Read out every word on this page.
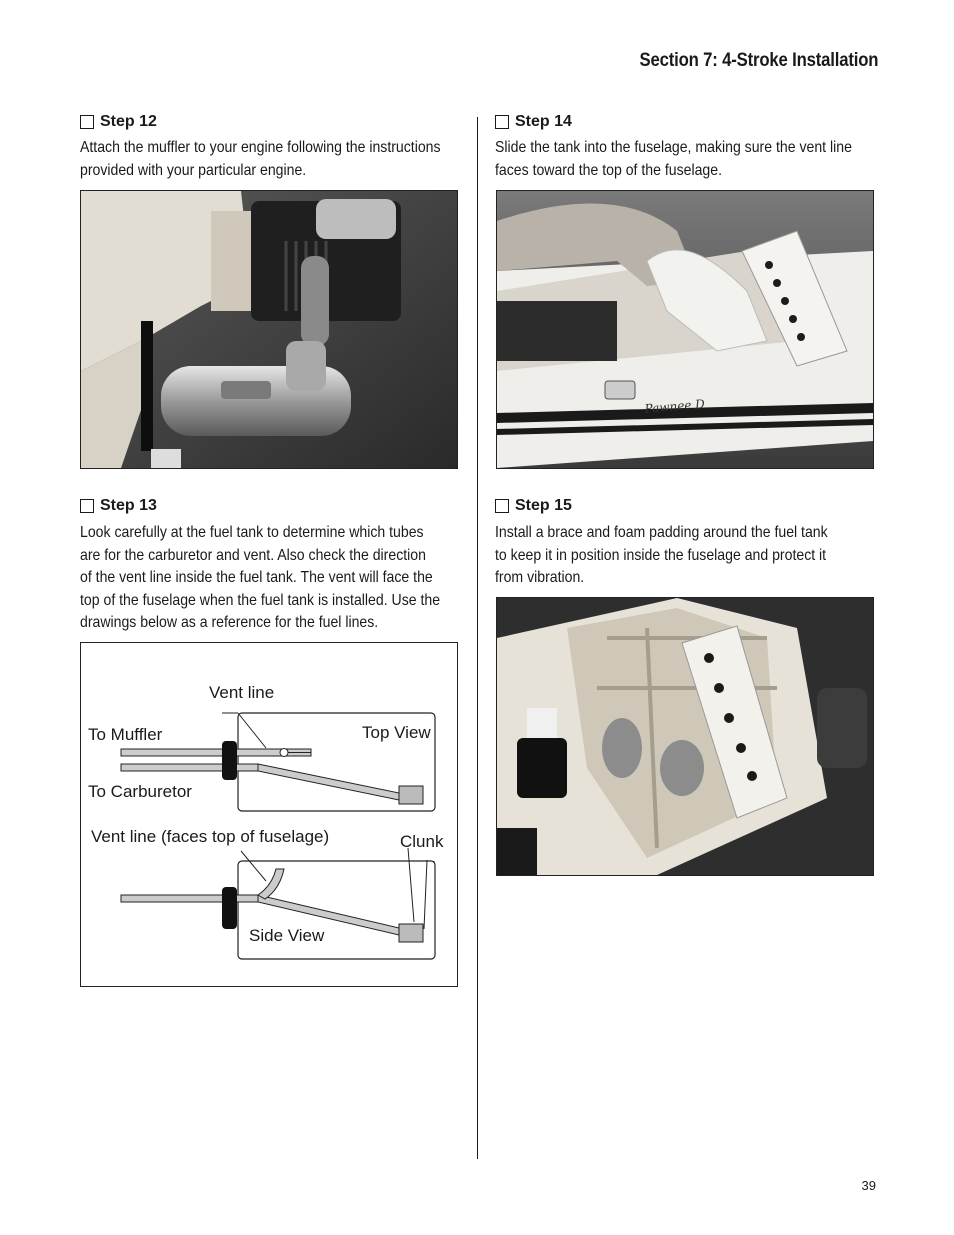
Section 7: 4-Stroke Installation
Step 12
Attach the muffler to your engine following the instructions
provided with your particular engine.
Step 13
Look carefully at the fuel tank to determine which tubes
are for the carburetor and vent. Also check the direction
of the vent line inside the fuel tank. The vent will face the
top of the fuselage when the fuel tank is installed. Use the
drawings below as a reference for the fuel lines.
Vent line
To Muffler	Top View
To Carburetor
Vent line (faces top of fuselage)	Clunk
Side View
Step 14
Slide the tank into the fuselage, making sure the vent line
faces toward the top of the fuselage.
Pawnee D
Step 15
Install a brace and foam padding around the fuel tank
to keep it in position inside the fuselage and protect it
from vibration.
39
